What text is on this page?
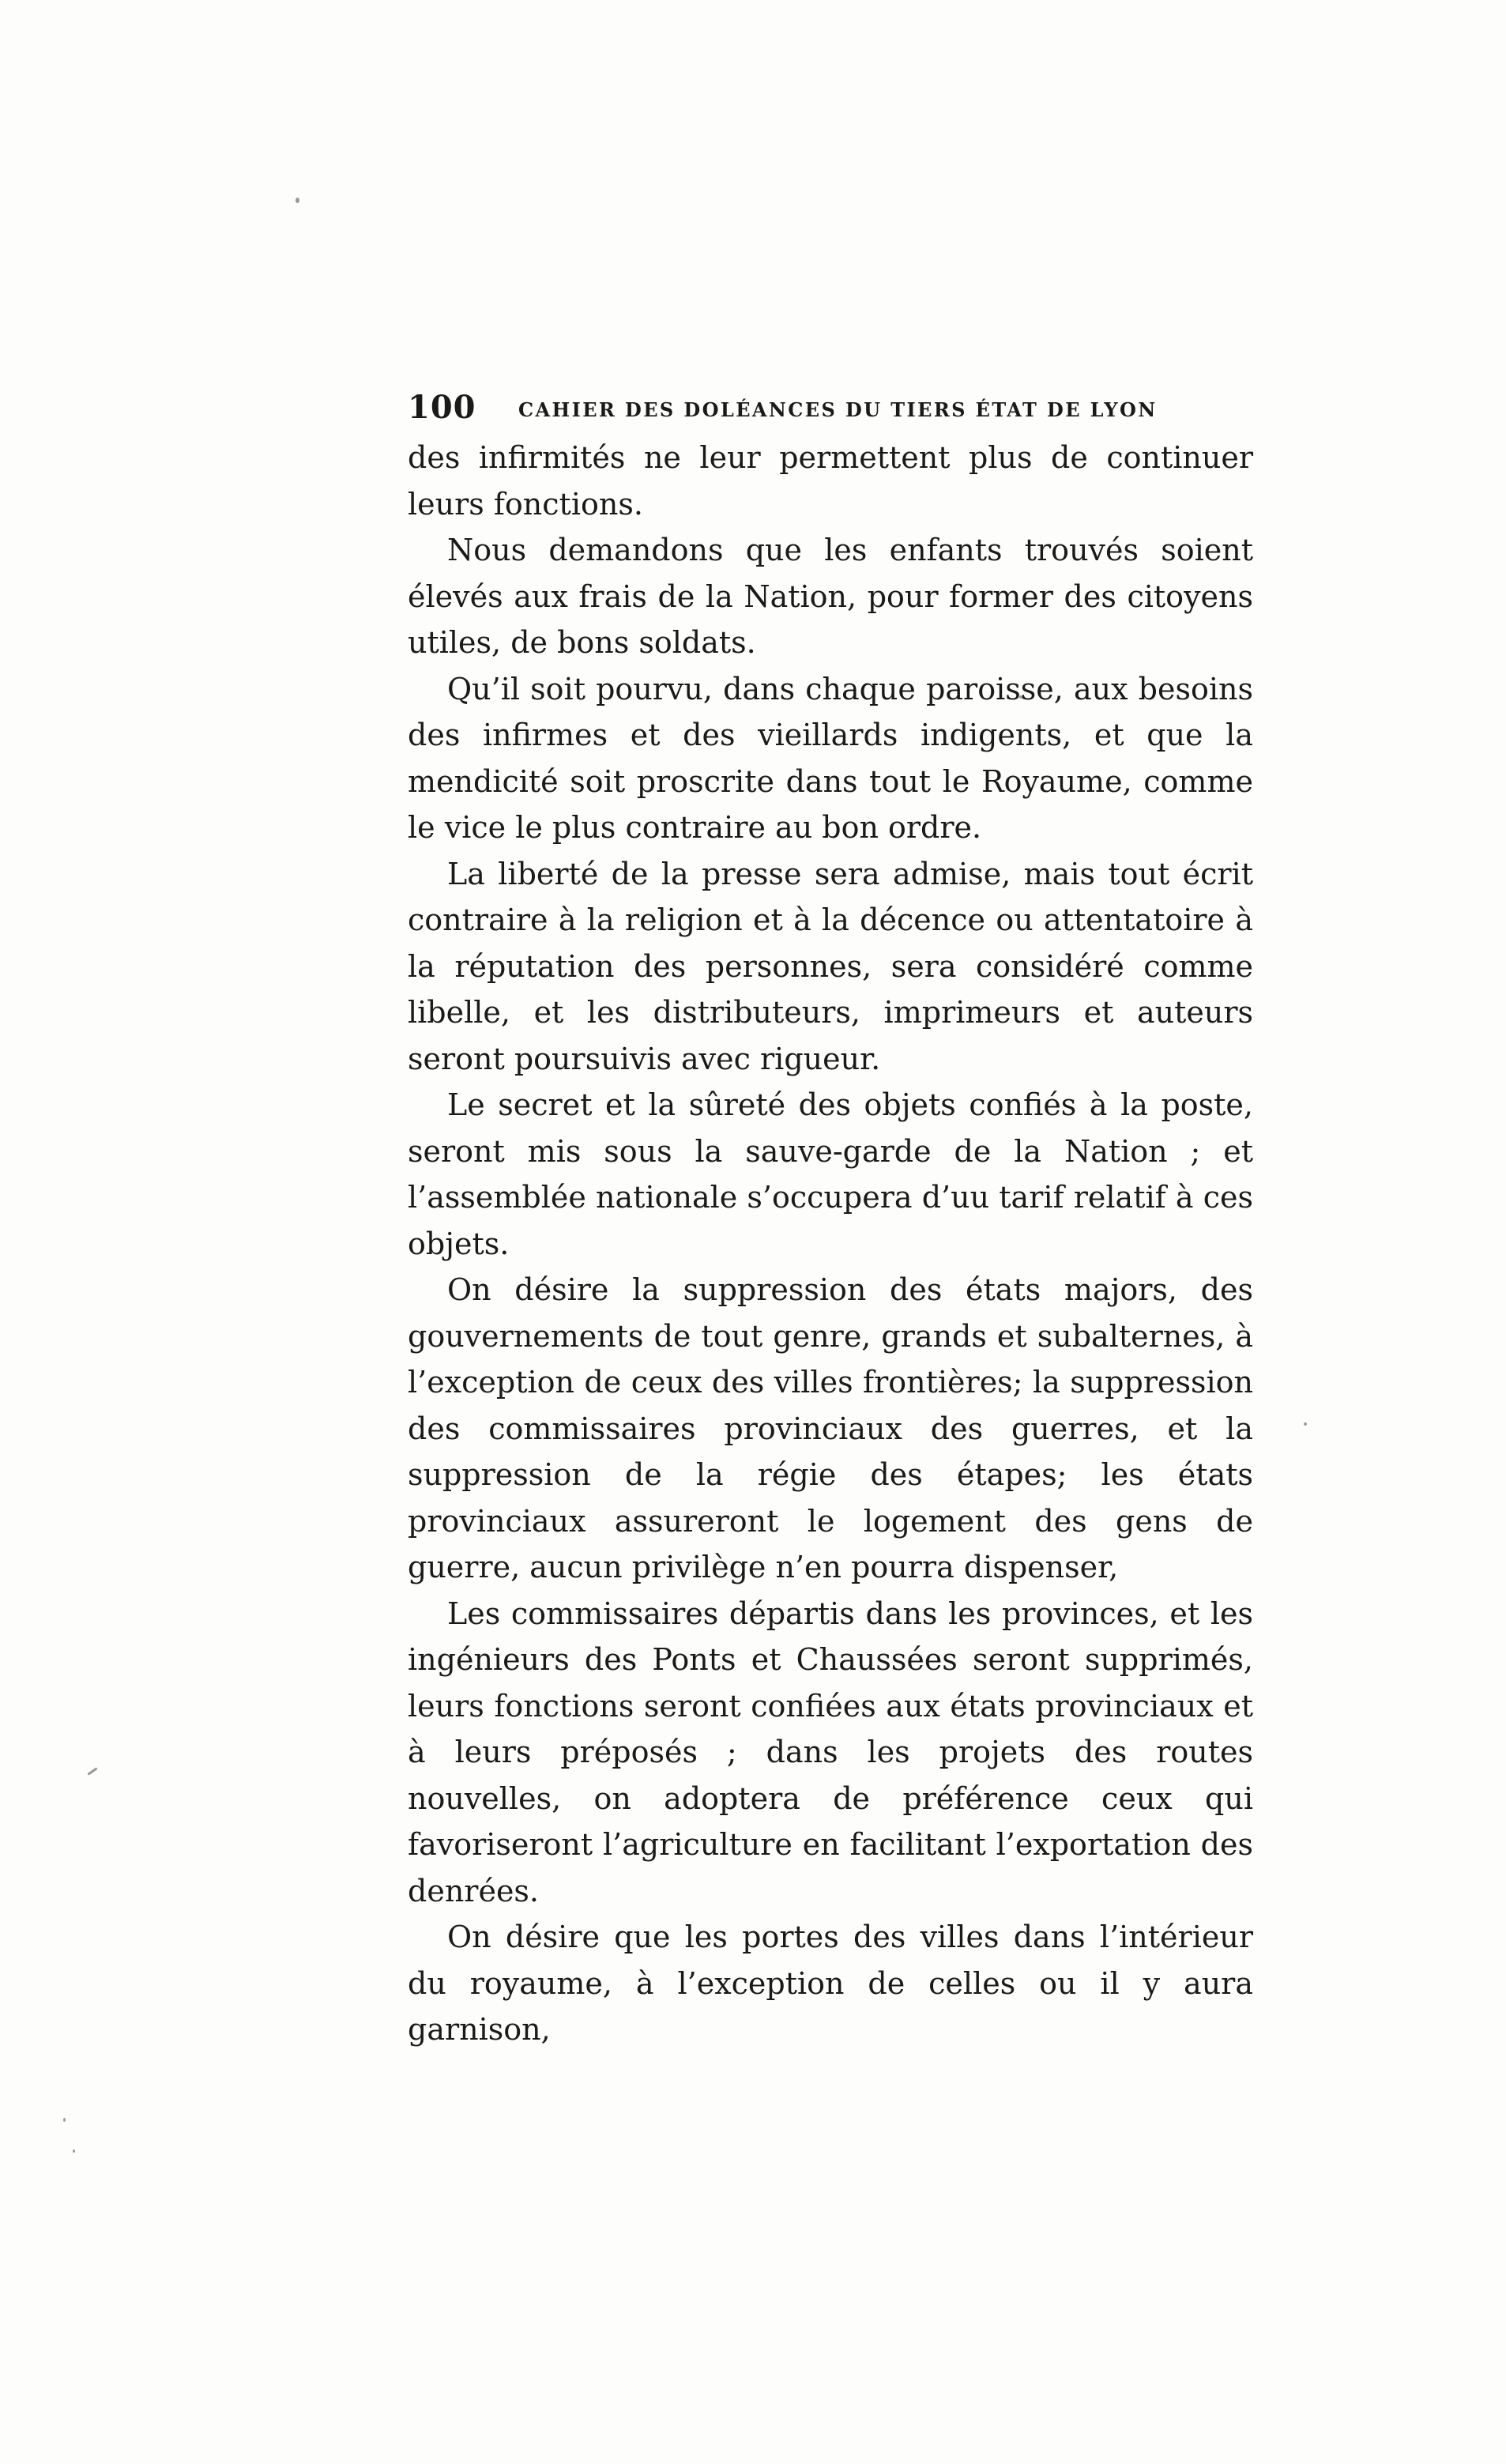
100 CAHIER DES DOLÉANCES DU TIERS ÉTAT DE LYON

des infirmités ne leur permettent plus de continuer leurs fonctions.

Nous demandons que les enfants trouvés soient élevés aux frais de la Nation, pour former des citoyens utiles, de bons soldats.

Qu’il soit pourvu, dans chaque paroisse, aux besoins des infirmes et des vieillards indigents, et que la mendicité soit proscrite dans tout le Royaume, comme le vice le plus contraire au bon ordre.

La liberté de la presse sera admise, mais tout écrit contraire à la religion et à la décence ou attentatoire à la réputation des personnes, sera considéré comme libelle, et les distributeurs, imprimeurs et auteurs seront poursuivis avec rigueur.

Le secret et la sûreté des objets confiés à la poste, seront mis sous la sauve-garde de la Nation ; et l’assemblée nationale s’occupera d’uu tarif relatif à ces objets.

On désire la suppression des états majors, des gouvernements de tout genre, grands et subalternes, à l’exception de ceux des villes frontières; la suppression des commissaires provinciaux des guerres, et la suppression de la régie des étapes; les états provinciaux assureront le logement des gens de guerre, aucun privilège n’en pourra dispenser,

Les commissaires départis dans les provinces, et les ingénieurs des Ponts et Chaussées seront supprimés, leurs fonctions seront confiées aux états provinciaux et à leurs préposés ; dans les projets des routes nouvelles, on adoptera de préférence ceux qui favoriseront l’agriculture en facilitant l’exportation des denrées.

On désire que les portes des villes dans l’intérieur du royaume, à l’exception de celles ou il y aura garnison,
